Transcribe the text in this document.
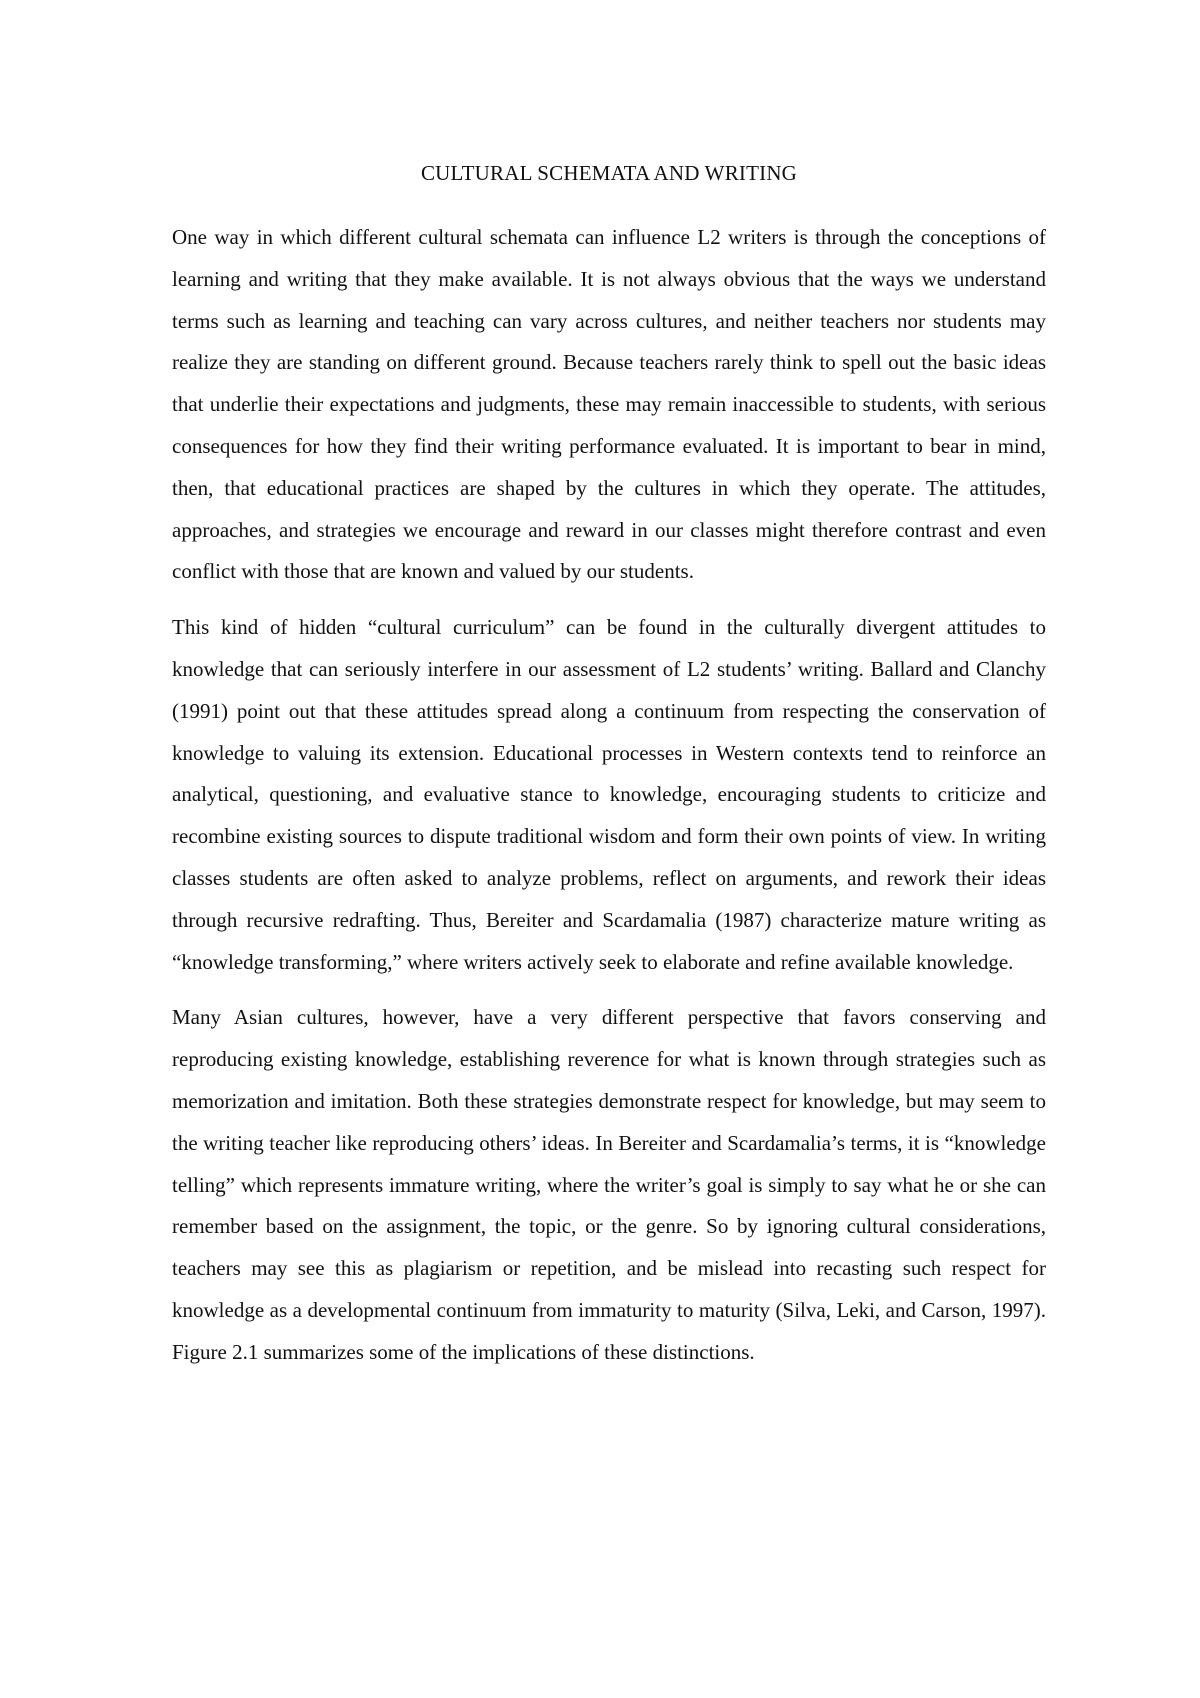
CULTURAL SCHEMATA AND WRITING

One way in which different cultural schemata can influence L2 writers is through the conceptions of learning and writing that they make available. It is not always obvious that the ways we understand terms such as learning and teaching can vary across cultures, and neither teachers nor students may realize they are standing on different ground. Because teachers rarely think to spell out the basic ideas that underlie their expectations and judgments, these may remain inaccessible to students, with serious consequences for how they find their writing performance evaluated. It is important to bear in mind, then, that educational practices are shaped by the cultures in which they operate. The attitudes, approaches, and strategies we encourage and reward in our classes might therefore contrast and even conflict with those that are known and valued by our students.

This kind of hidden “cultural curriculum” can be found in the culturally divergent attitudes to knowledge that can seriously interfere in our assessment of L2 students’ writing. Ballard and Clanchy (1991) point out that these attitudes spread along a continuum from respecting the conservation of knowledge to valuing its extension. Educational processes in Western contexts tend to reinforce an analytical, questioning, and evaluative stance to knowledge, encouraging students to criticize and recombine existing sources to dispute traditional wisdom and form their own points of view. In writing classes students are often asked to analyze problems, reflect on arguments, and rework their ideas through recursive redrafting. Thus, Bereiter and Scardamalia (1987) characterize mature writing as “knowledge transforming,” where writers actively seek to elaborate and refine available knowledge.

Many Asian cultures, however, have a very different perspective that favors conserving and reproducing existing knowledge, establishing reverence for what is known through strategies such as memorization and imitation. Both these strategies demonstrate respect for knowledge, but may seem to the writing teacher like reproducing others’ ideas. In Bereiter and Scardamalia’s terms, it is “knowledge telling” which represents immature writing, where the writer’s goal is simply to say what he or she can remember based on the assignment, the topic, or the genre. So by ignoring cultural considerations, teachers may see this as plagiarism or repetition, and be mislead into recasting such respect for knowledge as a developmental continuum from immaturity to maturity (Silva, Leki, and Carson, 1997). Figure 2.1 summarizes some of the implications of these distinctions.
